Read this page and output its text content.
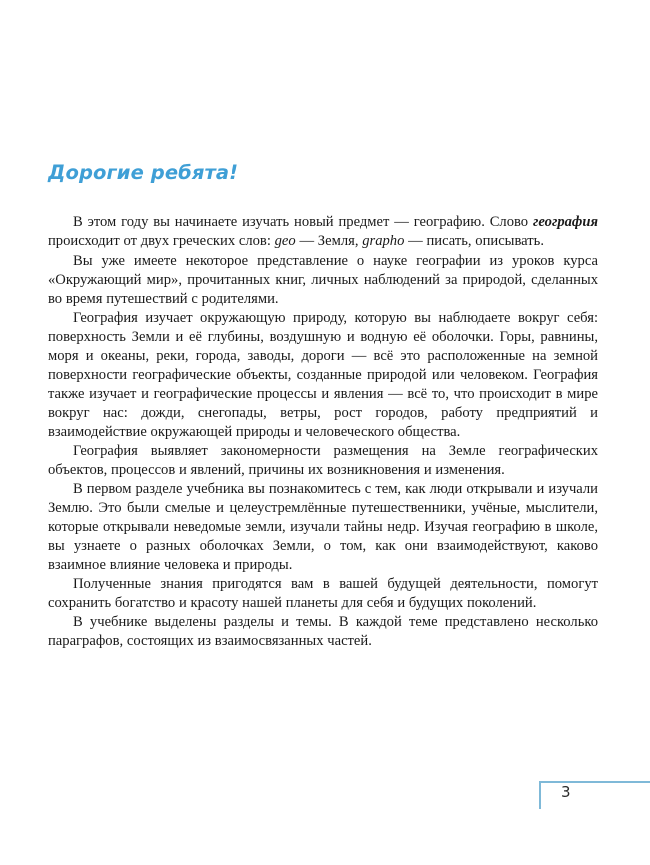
Дорогие ребята!

В этом году вы начинаете изучать новый предмет — географию. Слово география происходит от двух греческих слов: geo — Земля, grapho — писать, описывать.

Вы уже имеете некоторое представление о науке географии из уроков курса «Окружающий мир», прочитанных книг, личных наблюдений за природой, сделанных во время путешествий с родителями.

География изучает окружающую природу, которую вы наблюдаете вокруг себя: поверхность Земли и её глубины, воздушную и водную её оболочки. Горы, равнины, моря и океаны, реки, города, заводы, дороги — всё это расположенные на земной поверхности географические объекты, созданные природой или человеком. География также изучает и географические процессы и явления — всё то, что происходит в мире вокруг нас: дожди, снегопады, ветры, рост городов, работу предприятий и взаимодействие окружающей природы и человеческого общества.

География выявляет закономерности размещения на Земле географических объектов, процессов и явлений, причины их возникновения и изменения.

В первом разделе учебника вы познакомитесь с тем, как люди открывали и изучали Землю. Это были смелые и целеустремлённые путешественники, учёные, мыслители, которые открывали неведомые земли, изучали тайны недр. Изучая географию в школе, вы узнаете о разных оболочках Земли, о том, как они взаимодействуют, каково взаимное влияние человека и природы.

Полученные знания пригодятся вам в вашей будущей деятельности, помогут сохранить богатство и красоту нашей планеты для себя и будущих поколений.

В учебнике выделены разделы и темы. В каждой теме представлено несколько параграфов, состоящих из взаимосвязанных частей.

3
